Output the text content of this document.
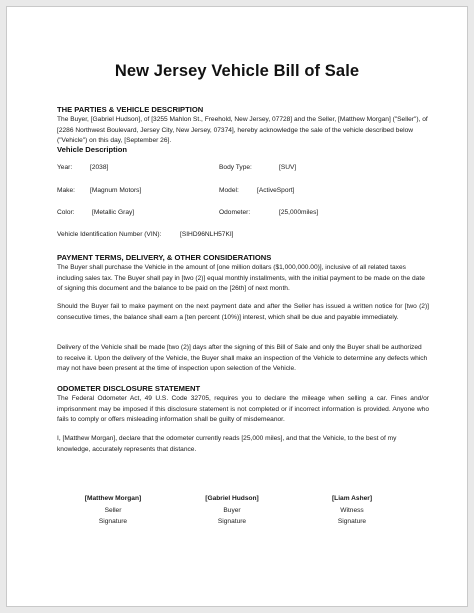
New Jersey Vehicle Bill of Sale
THE PARTIES & VEHICLE DESCRIPTION
The Buyer, [Gabriel Hudson], of [3255 Mahlon St., Freehold, New Jersey, 07728] and the Seller, [Matthew Morgan] ("Seller"), of [2286 Northwest Boulevard, Jersey City, New Jersey, 07374], hereby acknowledge the sale of the vehicle described below ("Vehicle") on this day, [September 26].
Vehicle Description
Year:	[2038]	Body Type:	[SUV]
Make: [Magnum Motors]	Model:	[ActiveSport]
Color:	[Metallic Gray]	Odometer:	[25,000miles]
Vehicle Identification Number (VIN):	[SIHD96NLH57KI]
PAYMENT TERMS, DELIVERY, & OTHER CONSIDERATIONS
The Buyer shall purchase the Vehicle in the amount of [one million dollars ($1,000,000.00)], inclusive of all related taxes including sales tax. The Buyer shall pay in [two (2)] equal monthly installments, with the initial payment to be made on the date of signing this document and the balance to be paid on the [26th] of next month.
Should the Buyer fail to make payment on the next payment date and after the Seller has issued a written notice for [two (2)] consecutive times, the balance shall earn a [ten percent (10%)] interest, which shall be due and payable immediately.
Delivery of the Vehicle shall be made [two (2)] days after the signing of this Bill of Sale and only the Buyer shall be authorized to receive it. Upon the delivery of the Vehicle, the Buyer shall make an inspection of the Vehicle to determine any defects which may not have been present at the time of inspection upon selection of the Vehicle.
ODOMETER DISCLOSURE STATEMENT
The Federal Odometer Act, 49 U.S. Code 32705, requires you to declare the mileage when selling a car. Fines and/or imprisonment may be imposed if this disclosure statement is not completed or if incorrect information is provided. Anyone who fails to comply or offers misleading information shall be guilty of misdemeanor.
I, [Matthew Morgan], declare that the odometer currently reads [25,000 miles], and that the Vehicle, to the best of my knowledge, accurately represents that distance.
[Matthew Morgan]
Seller
Signature
[Gabriel Hudson]
Buyer
Signature
[Liam Asher]
Witness
Signature
